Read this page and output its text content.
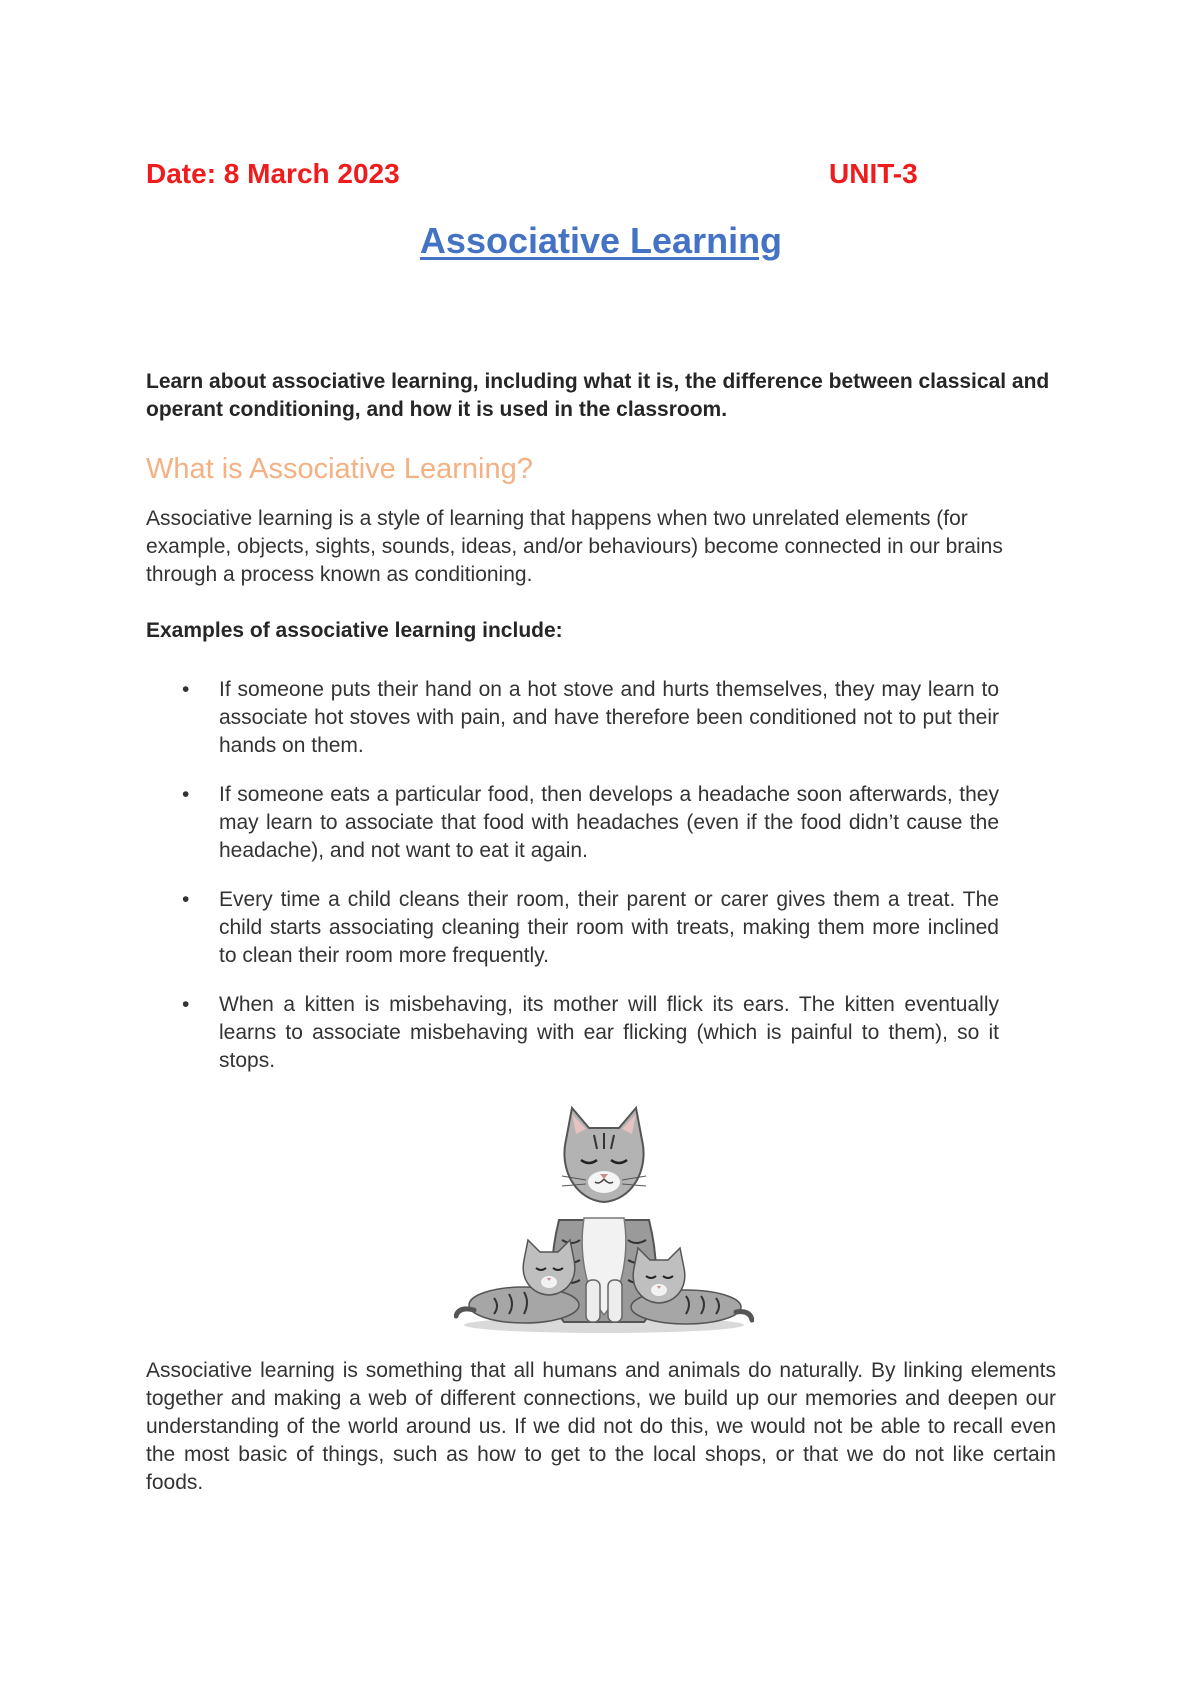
Date: 8 March 2023	UNIT-3
Associative Learning

Learn about associative learning, including what it is, the difference between classical and operant conditioning, and how it is used in the classroom.

What is Associative Learning?

Associative learning is a style of learning that happens when two unrelated elements (for example, objects, sights, sounds, ideas, and/or behaviours) become connected in our brains through a process known as conditioning.

Examples of associative learning include:

• If someone puts their hand on a hot stove and hurts themselves, they may learn to associate hot stoves with pain, and have therefore been conditioned not to put their hands on them.
• If someone eats a particular food, then develops a headache soon afterwards, they may learn to associate that food with headaches (even if the food didn’t cause the headache), and not want to eat it again.
• Every time a child cleans their room, their parent or carer gives them a treat. The child starts associating cleaning their room with treats, making them more inclined to clean their room more frequently.
• When a kitten is misbehaving, its mother will flick its ears. The kitten eventually learns to associate misbehaving with ear flicking (which is painful to them), so it stops.

Associative learning is something that all humans and animals do naturally. By linking elements together and making a web of different connections, we build up our memories and deepen our understanding of the world around us. If we did not do this, we would not be able to recall even the most basic of things, such as how to get to the local shops, or that we do not like certain foods.
